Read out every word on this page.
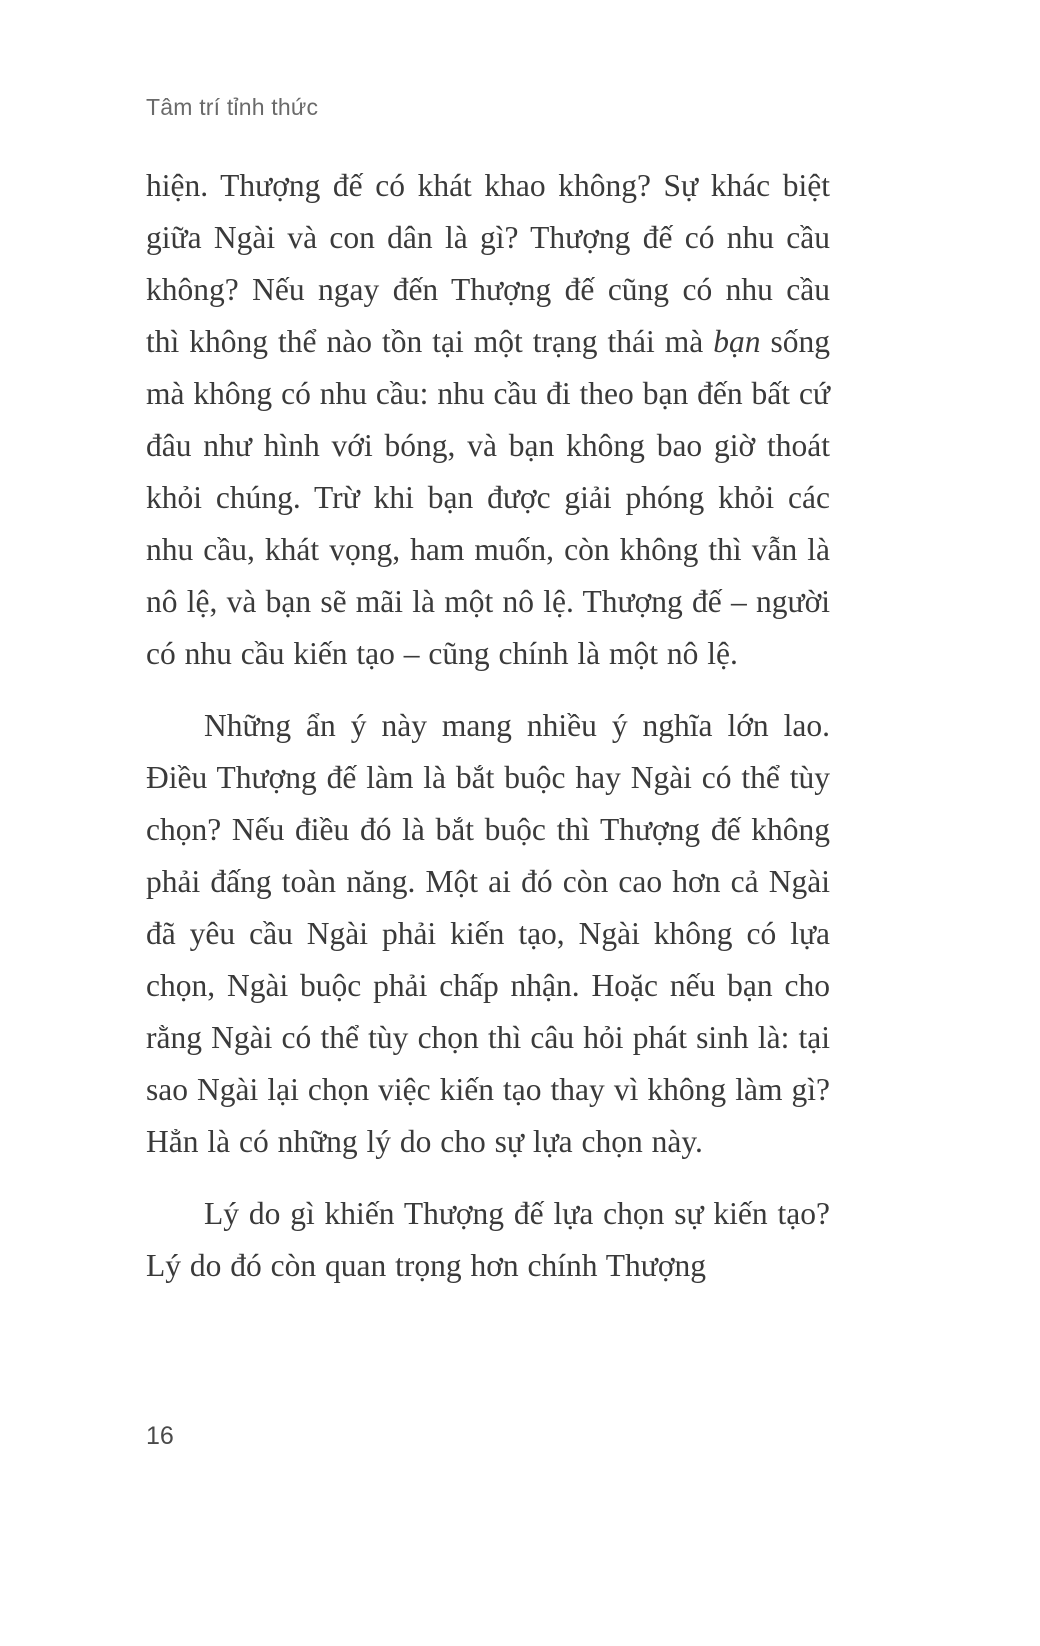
Tâm trí tỉnh thức

hiện. Thượng đế có khát khao không? Sự khác biệt giữa Ngài và con dân là gì? Thượng đế có nhu cầu không? Nếu ngay đến Thượng đế cũng có nhu cầu thì không thể nào tồn tại một trạng thái mà bạn sống mà không có nhu cầu: nhu cầu đi theo bạn đến bất cứ đâu như hình với bóng, và bạn không bao giờ thoát khỏi chúng. Trừ khi bạn được giải phóng khỏi các nhu cầu, khát vọng, ham muốn, còn không thì vẫn là nô lệ, và bạn sẽ mãi là một nô lệ. Thượng đế – người có nhu cầu kiến tạo – cũng chính là một nô lệ.

Những ẩn ý này mang nhiều ý nghĩa lớn lao. Điều Thượng đế làm là bắt buộc hay Ngài có thể tùy chọn? Nếu điều đó là bắt buộc thì Thượng đế không phải đấng toàn năng. Một ai đó còn cao hơn cả Ngài đã yêu cầu Ngài phải kiến tạo, Ngài không có lựa chọn, Ngài buộc phải chấp nhận. Hoặc nếu bạn cho rằng Ngài có thể tùy chọn thì câu hỏi phát sinh là: tại sao Ngài lại chọn việc kiến tạo thay vì không làm gì? Hẳn là có những lý do cho sự lựa chọn này.

Lý do gì khiến Thượng đế lựa chọn sự kiến tạo? Lý do đó còn quan trọng hơn chính Thượng

16
